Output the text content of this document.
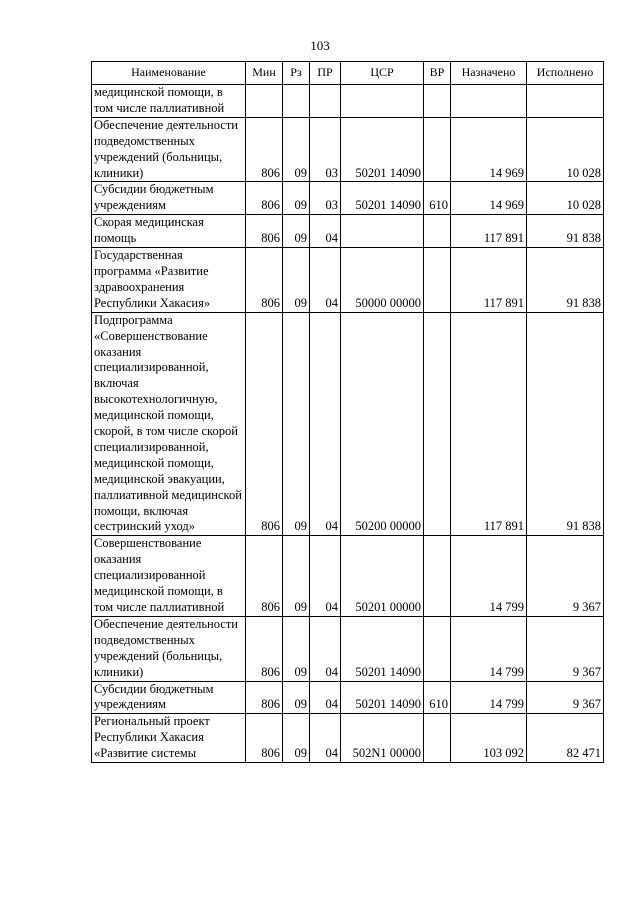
103
Наименование	Мин	Рз	ПР	ЦСР	ВР	Назначено	Исполнено
медицинской помощи, в том числе паллиативной							
Обеспечение деятельности подведомственных учреждений (больницы, клиники)	806	09	03	50201 14090		14 969	10 028
Субсидии бюджетным учреждениям	806	09	03	50201 14090	610	14 969	10 028
Скорая медицинская помощь	806	09	04			117 891	91 838
Государственная программа «Развитие здравоохранения Республики Хакасия»	806	09	04	50000 00000		117 891	91 838
Подпрограмма «Совершенствование оказания специализированной, включая высокотехнологичную, медицинской помощи, скорой, в том числе скорой специализированной, медицинской помощи, медицинской эвакуации, паллиативной медицинской помощи, включая сестринский уход»	806	09	04	50200 00000		117 891	91 838
Совершенствование оказания специализированной медицинской помощи, в том числе паллиативной	806	09	04	50201 00000		14 799	9 367
Обеспечение деятельности подведомственных учреждений (больницы, клиники)	806	09	04	50201 14090		14 799	9 367
Субсидии бюджетным учреждениям	806	09	04	50201 14090	610	14 799	9 367
Региональный проект Республики Хакасия «Развитие системы	806	09	04	502N1 00000		103 092	82 471
